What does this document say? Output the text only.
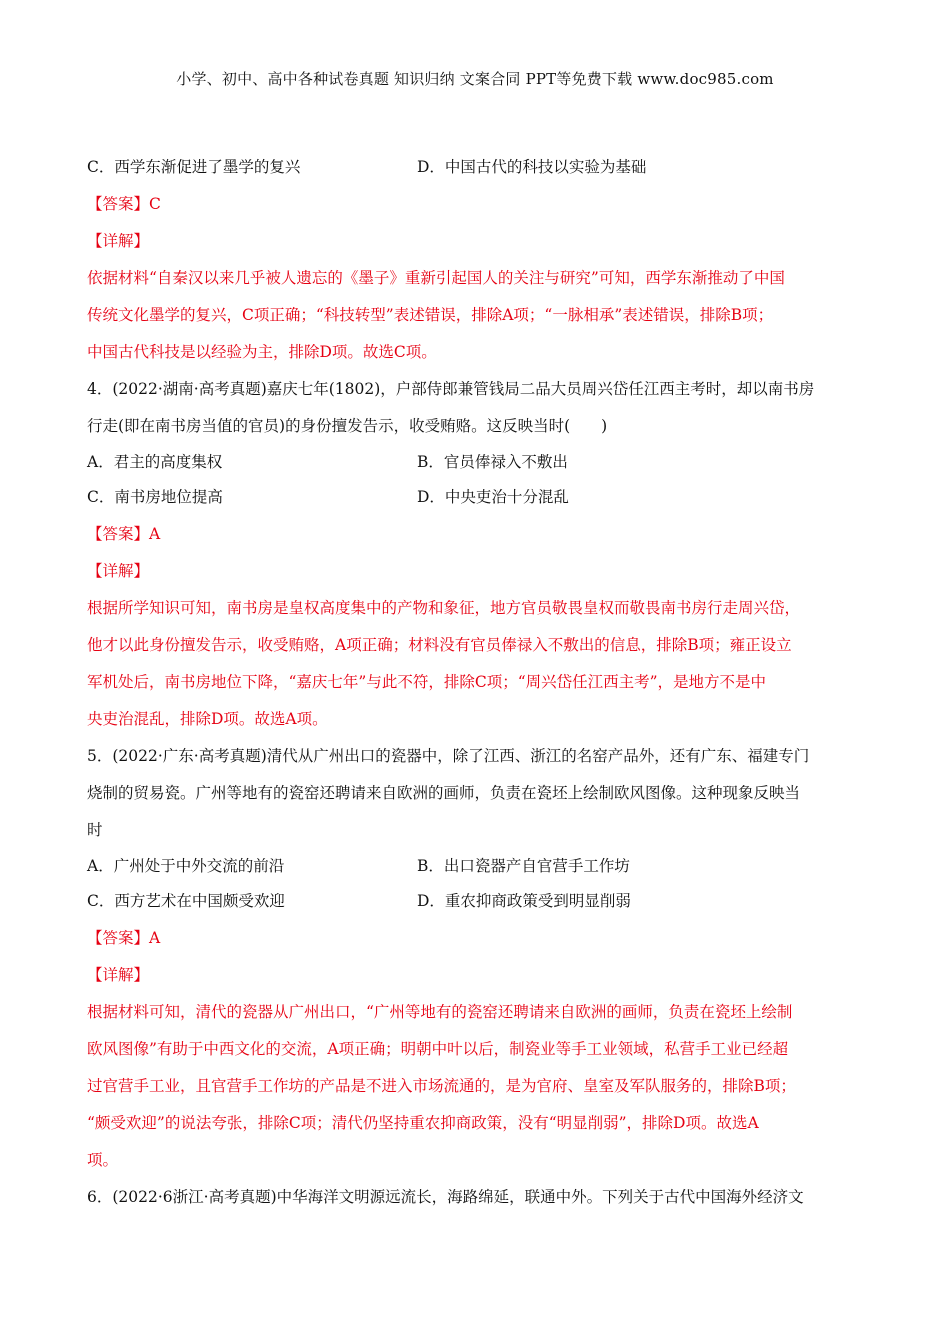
小学、初中、高中各种试卷真题 知识归纳 文案合同 PPT等免费下载 www.doc985.com
C．西学东渐促进了墨学的复兴	D．中国古代的科技以实验为基础
【答案】C
【详解】
依据材料“自秦汉以来几乎被人遗忘的《墨子》重新引起国人的关注与研究”可知，西学东渐推动了中国
传统文化墨学的复兴，C项正确；“科技转型”表述错误，排除A项；“一脉相承”表述错误，排除B项；
中国古代科技是以经验为主，排除D项。故选C项。
4．(2022·湖南·高考真题)嘉庆七年(1802)，户部侍郎兼管钱局二品大员周兴岱任江西主考时，却以南书房
行走(即在南书房当值的官员)的身份擅发告示，收受贿赂。这反映当时(　　)
A．君主的高度集权	B．官员俸禄入不敷出
C．南书房地位提高	D．中央吏治十分混乱
【答案】A
【详解】
根据所学知识可知，南书房是皇权高度集中的产物和象征，地方官员敬畏皇权而敬畏南书房行走周兴岱，
他才以此身份擅发告示，收受贿赂，A项正确；材料没有官员俸禄入不敷出的信息，排除B项；雍正设立
军机处后，南书房地位下降，“嘉庆七年”与此不符，排除C项；“周兴岱任江西主考”，是地方不是中
央吏治混乱，排除D项。故选A项。
5．(2022·广东·高考真题)清代从广州出口的瓷器中，除了江西、浙江的名窑产品外，还有广东、福建专门
烧制的贸易瓷。广州等地有的瓷窑还聘请来自欧洲的画师，负责在瓷坯上绘制欧风图像。这种现象反映当
时
A．广州处于中外交流的前沿	B．出口瓷器产自官营手工作坊
C．西方艺术在中国颇受欢迎	D．重农抑商政策受到明显削弱
【答案】A
【详解】
根据材料可知，清代的瓷器从广州出口，“广州等地有的瓷窑还聘请来自欧洲的画师，负责在瓷坯上绘制
欧风图像”有助于中西文化的交流，A项正确；明朝中叶以后，制瓷业等手工业领域，私营手工业已经超
过官营手工业，且官营手工作坊的产品是不进入市场流通的，是为官府、皇室及军队服务的，排除B项；
“颇受欢迎”的说法夸张，排除C项；清代仍坚持重农抑商政策，没有“明显削弱”，排除D项。故选A
项。
6．(2022·6浙江·高考真题)中华海洋文明源远流长，海路绵延，联通中外。下列关于古代中国海外经济文
